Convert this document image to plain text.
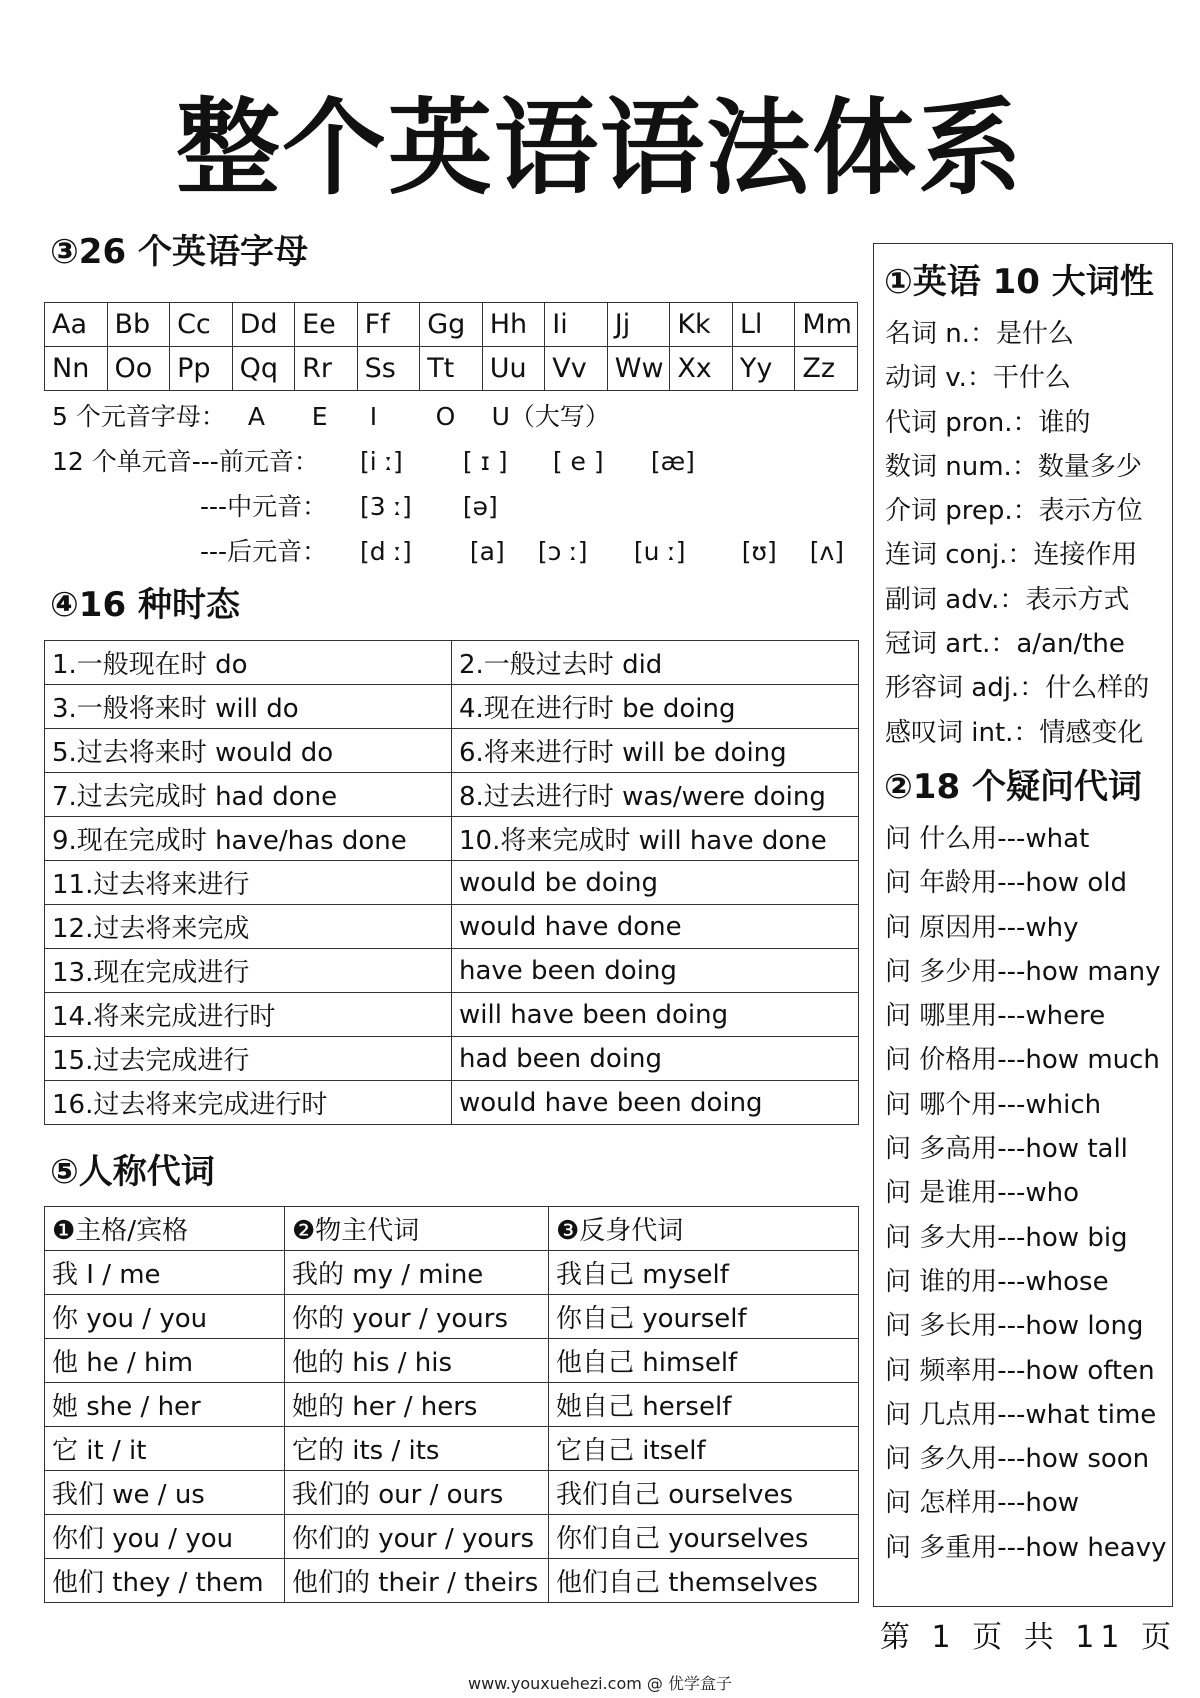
整个英语语法体系
③26 个英语字母
Aa	Bb	Cc	Dd	Ee	Ff	Gg	Hh	Ii	Jj	Kk	Ll	Mm
Nn	Oo	Pp	Qq	Rr	Ss	Tt	Uu	Vv	Ww	Xx	Yy	Zz
5 个元音字母： A E I O U（大写）
12 个单元音---前元音： [i ː] [ ɪ ] [ e ] [æ]
---中元音： [3 ː] [ə]
---后元音： [d ː] [a] [ɔ ː] [u ː] [ʊ] [ʌ]
④16 种时态
1.一般现在时 do	2.一般过去时 did
3.一般将来时 will do	4.现在进行时 be doing
5.过去将来时 would do	6.将来进行时 will be doing
7.过去完成时 had done	8.过去进行时 was/were doing
9.现在完成时 have/has done	10.将来完成时 will have done
11.过去将来进行	would be doing
12.过去将来完成	would have done
13.现在完成进行	have been doing
14.将来完成进行时	will have been doing
15.过去完成进行	had been doing
16.过去将来完成进行时	would have been doing
⑤人称代词
❶主格/宾格	❷物主代词	❸反身代词
我 I / me	我的 my / mine	我自己 myself
你 you / you	你的 your / yours	你自己 yourself
他 he / him	他的 his / his	他自己 himself
她 she / her	她的 her / hers	她自己 herself
它 it / it	它的 its / its	它自己 itself
我们 we / us	我们的 our / ours	我们自己 ourselves
你们 you / you	你们的 your / yours	你们自己 yourselves
他们 they / them	他们的 their / theirs	他们自己 themselves
①英语 10 大词性
名词 n.：是什么
动词 v.：干什么
代词 pron.：谁的
数词 num.：数量多少
介词 prep.：表示方位
连词 conj.：连接作用
副词 adv.：表示方式
冠词 art.：a/an/the
形容词 adj.：什么样的
感叹词 int.：情感变化
②18 个疑问代词
问 什么用---what
问 年龄用---how old
问 原因用---why
问 多少用---how many
问 哪里用---where
问 价格用---how much
问 哪个用---which
问 多高用---how tall
问 是谁用---who
问 多大用---how big
问 谁的用---whose
问 多长用---how long
问 频率用---how often
问 几点用---what time
问 多久用---how soon
问 怎样用---how
问 多重用---how heavy
第 1 页 共 11 页
www.youxuehezi.com @ 优学盒子
